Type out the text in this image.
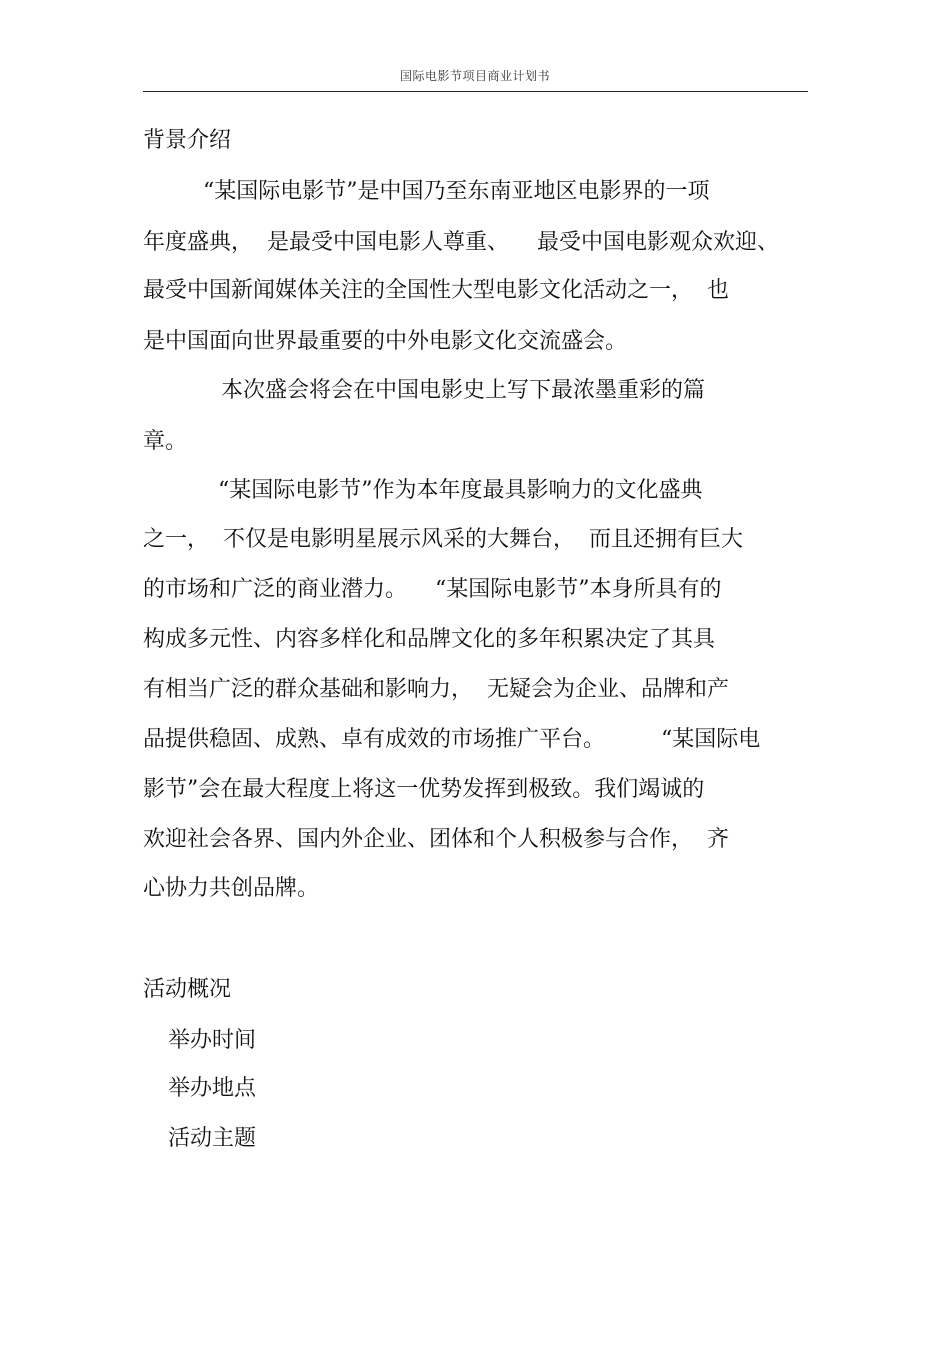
国际电影节项目商业计划书
背景介绍
“某国际电影节”是中国乃至东南亚地区电影界的一项
年度盛典，  是最受中国电影人尊重、    最受中国电影观众欢迎、
最受中国新闻媒体关注的全国性大型电影文化活动之一，  也
是中国面向世界最重要的中外电影文化交流盛会。
本次盛会将会在中国电影史上写下最浓墨重彩的篇
章。
“某国际电影节”作为本年度最具影响力的文化盛典
之一，  不仅是电影明星展示风采的大舞台，  而且还拥有巨大
的市场和广泛的商业潜力。    “某国际电影节”本身所具有的
构成多元性、内容多样化和品牌文化的多年积累决定了其具
有相当广泛的群众基础和影响力，  无疑会为企业、品牌和产
品提供稳固、成熟、卓有成效的市场推广平台。        “某国际电
影节”会在最大程度上将这一优势发挥到极致。我们竭诚的
欢迎社会各界、国内外企业、团体和个人积极参与合作，  齐
心协力共创品牌。
活动概况
举办时间
举办地点
活动主题
